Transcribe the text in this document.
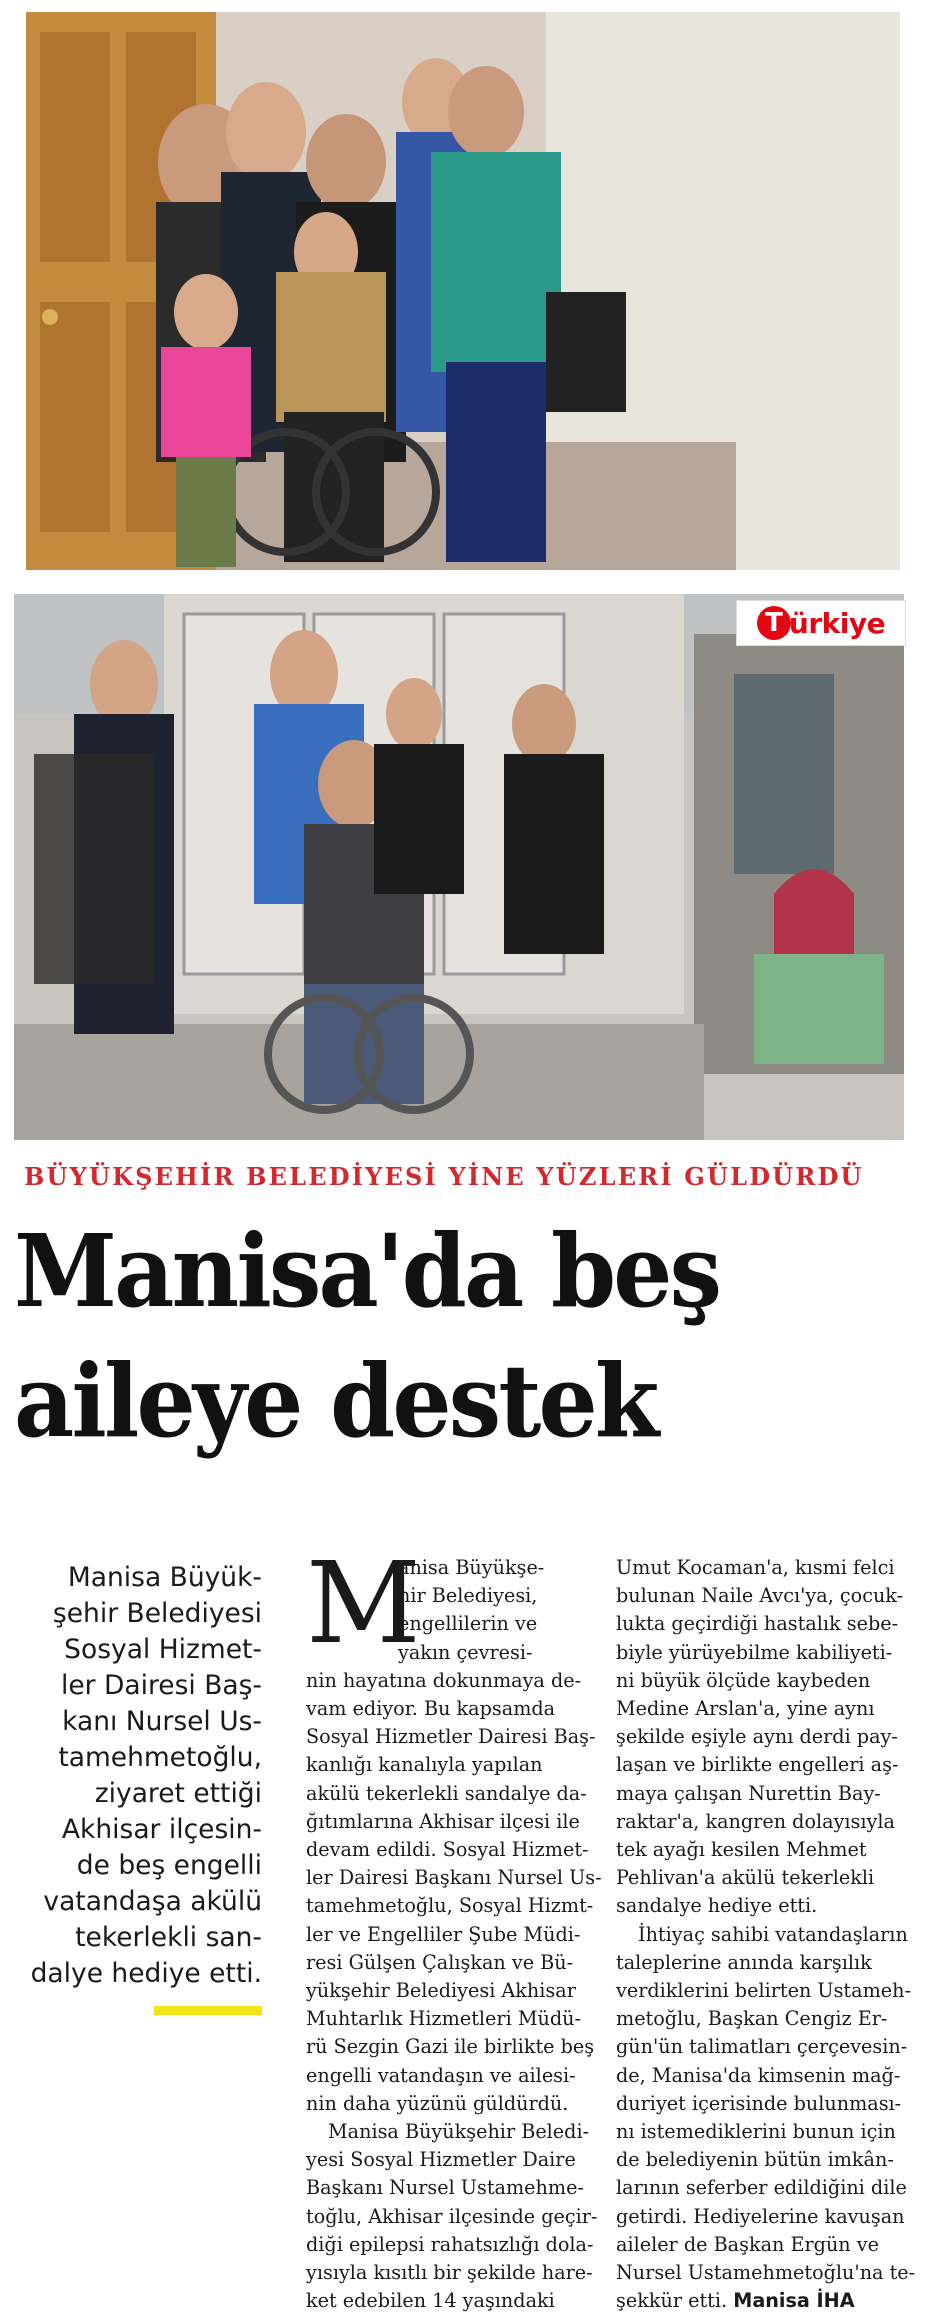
T ürkiye
BÜYÜKŞEHİR BELEDİYESİ YİNE YÜZLERİ GÜLDÜRDÜ
Manisa'da beş
aileye destek
Manisa Büyük-
şehir Belediyesi
Sosyal Hizmet-
ler Dairesi Baş-
kanı Nursel Us-
tamehmetoğlu,
ziyaret ettiği
Akhisar ilçesin-
de beş engelli
vatandaşa akülü
tekerlekli san-
dalye hediye etti.
M
anisa Büyükşe-
hir Belediyesi,
engellilerin ve
yakın çevresi-
nin hayatına dokunmaya de-
vam ediyor. Bu kapsamda
Sosyal Hizmetler Dairesi Baş-
kanlığı kanalıyla yapılan
akülü tekerlekli sandalye da-
ğıtımlarına Akhisar ilçesi ile
devam edildi. Sosyal Hizmet-
ler Dairesi Başkanı Nursel Us-
tamehmetoğlu, Sosyal Hizmt-
ler ve Engelliler Şube Müdi-
resi Gülşen Çalışkan ve Bü-
yükşehir Belediyesi Akhisar
Muhtarlık Hizmetleri Müdü-
rü Sezgin Gazi ile birlikte beş
engelli vatandaşın ve ailesi-
nin daha yüzünü güldürdü.
Manisa Büyükşehir Beledi-
yesi Sosyal Hizmetler Daire
Başkanı Nursel Ustamehme-
toğlu, Akhisar ilçesinde geçir-
diği epilepsi rahatsızlığı dola-
yısıyla kısıtlı bir şekilde hare-
ket edebilen 14 yaşındaki
Umut Kocaman'a, kısmi felci
bulunan Naile Avcı'ya, çocuk-
lukta geçirdiği hastalık sebe-
biyle yürüyebilme kabiliyeti-
ni büyük ölçüde kaybeden
Medine Arslan'a, yine aynı
şekilde eşiyle aynı derdi pay-
laşan ve birlikte engelleri aş-
maya çalışan Nurettin Bay-
raktar'a, kangren dolayısıyla
tek ayağı kesilen Mehmet
Pehlivan'a akülü tekerlekli
sandalye hediye etti.
İhtiyaç sahibi vatandaşların
taleplerine anında karşılık
verdiklerini belirten Ustameh-
metoğlu, Başkan Cengiz Er-
gün'ün talimatları çerçevesin-
de, Manisa'da kimsenin mağ-
duriyet içerisinde bulunması-
nı istemediklerini bunun için
de belediyenin bütün imkân-
larının seferber edildiğini dile
getirdi. Hediyelerine kavuşan
aileler de Başkan Ergün ve
Nursel Ustamehmetoğlu'na te-
şekkür etti. Manisa İHA
